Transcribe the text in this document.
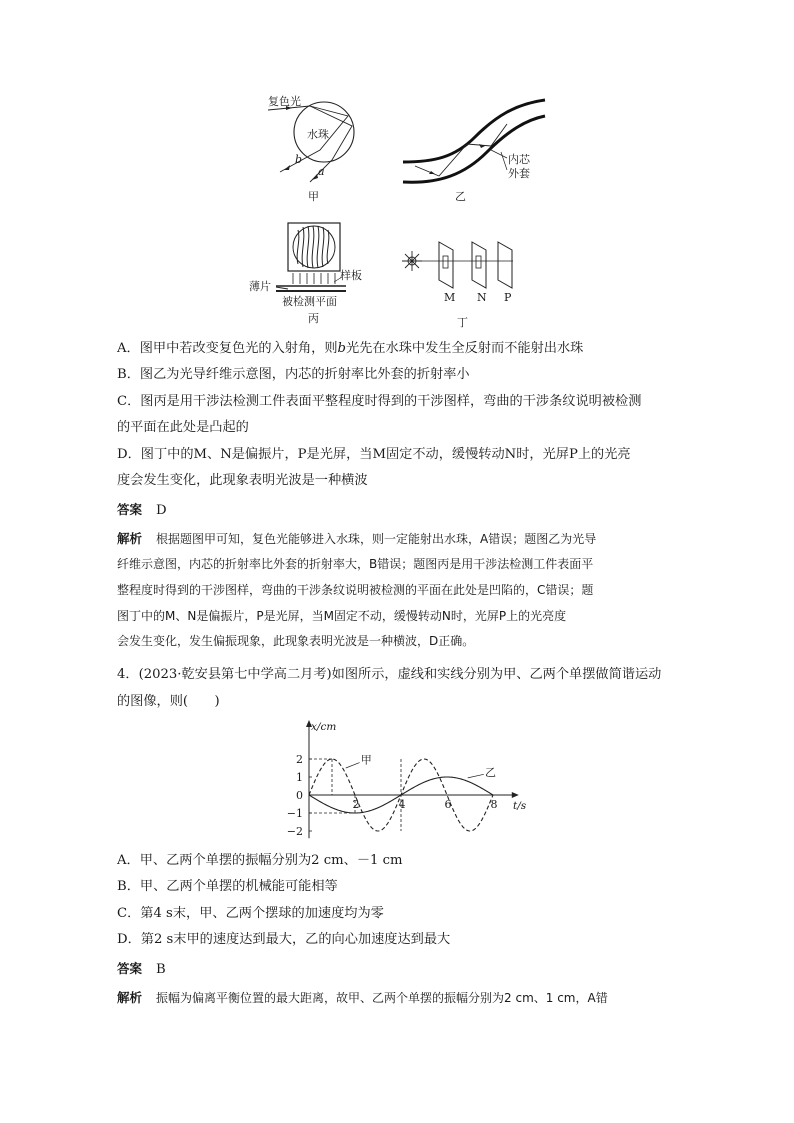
复色光
水珠
b
a
甲
内芯
外套
乙
样板
薄片
被检测平面
丙
M N P
丁
A．图甲中若改变复色光的入射角，则b光先在水珠中发生全反射而不能射出水珠
B．图乙为光导纤维示意图，内芯的折射率比外套的折射率小
C．图丙是用干涉法检测工件表面平整程度时得到的干涉图样，弯曲的干涉条纹说明被检测
的平面在此处是凸起的
D．图丁中的M、N是偏振片，P是光屏，当M固定不动，缓慢转动N时，光屏P上的光亮
度会发生变化，此现象表明光波是一种横波
答案 D
解析 根据题图甲可知，复色光能够进入水珠，则一定能射出水珠，A错误；题图乙为光导
纤维示意图，内芯的折射率比外套的折射率大，B错误；题图丙是用干涉法检测工件表面平
整程度时得到的干涉图样，弯曲的干涉条纹说明被检测的平面在此处是凹陷的，C错误；题
图丁中的M、N是偏振片，P是光屏，当M固定不动，缓慢转动N时，光屏P上的光亮度
会发生变化，发生偏振现象，此现象表明光波是一种横波，D正确。
4．(2023·乾安县第七中学高二月考)如图所示，虚线和实线分别为甲、乙两个单摆做简谐运动
的图像，则(　　)
x/cm
t/s
2
1
0
−1
−2
2	4	6	8
甲
乙
A．甲、乙两个单摆的振幅分别为2 cm、－1 cm
B．甲、乙两个单摆的机械能可能相等
C．第4 s末，甲、乙两个摆球的加速度均为零
D．第2 s末甲的速度达到最大，乙的向心加速度达到最大
答案 B
解析 振幅为偏离平衡位置的最大距离，故甲、乙两个单摆的振幅分别为2 cm、1 cm，A错
